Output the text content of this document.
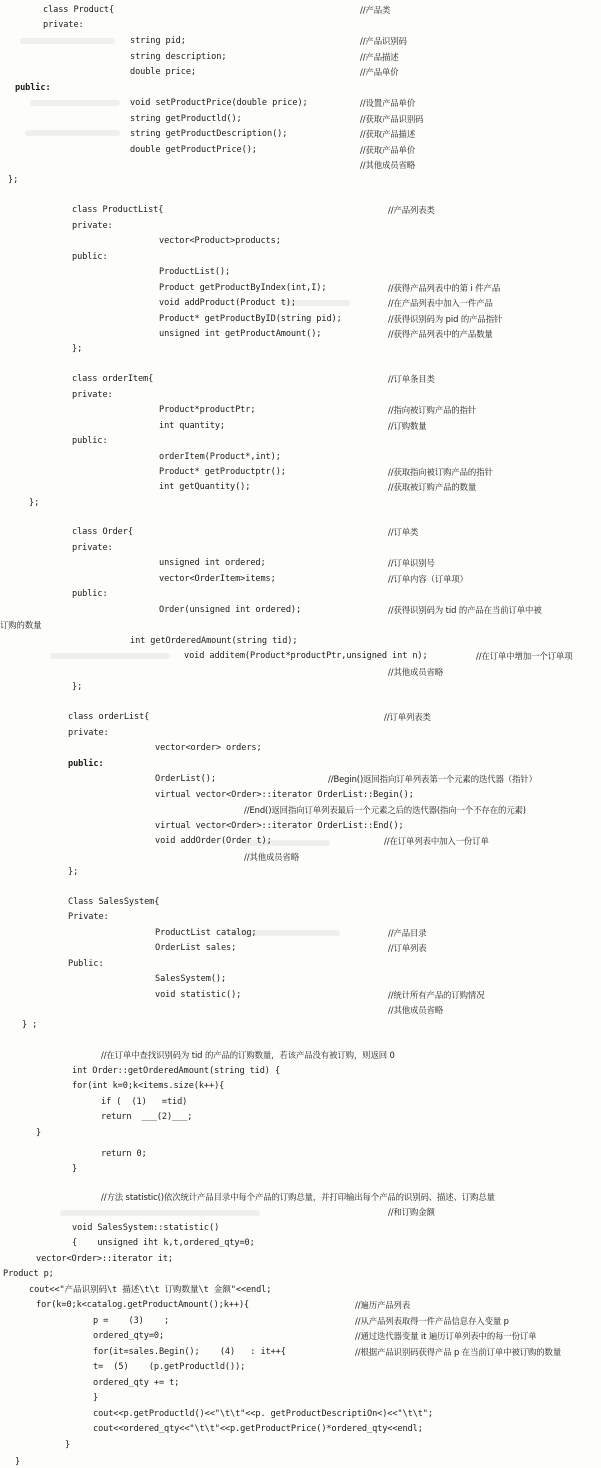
class Product{	//产品类
private:
string pid;	//产品识别码
string description;	//产品描述
double price;	//产品单价
public:
void setProductPrice(double price);	//设置产品单价
string getProductld();	//获取产品识别码
string getProductDescription();	//获取产品描述
double getProductPrice();	//获取产品单价
//其他成员省略
};
class ProductList{	//产品列表类
private:
vector<Product>products;
public:
ProductList();
Product getProductByIndex(int,I);	//获得产品列表中的第 i 件产品
void addProduct(Product t);	//在产品列表中加入一件产品
Product* getProductByID(string pid);	//获得识别码为 pid 的产品指针
unsigned int getProductAmount();	//获得产品列表中的产品数量
};
class orderItem{	//订单条目类
private:
Product*productPtr;	//指向被订购产品的指针
int quantity;	//订购数量
public:
orderItem(Product*,int);
Product* getProductptr();	//获取指向被订购产品的指针
int getQuantity();	//获取被订购产品的数量
};
class Order{	//订单类
private:
unsigned int ordered;	//订单识别号
vector<OrderItem>items;	//订单内容（订单项）
public:
Order(unsigned int ordered);	//获得识别码为 tid 的产品在当前订单中被
订购的数量
int getOrderedAmount(string tid);
void additem(Product*productPtr,unsigned int n);	//在订单中增加一个订单项
//其他成员省略
};
class orderList{	//订单列表类
private:
vector<order> orders;
public:
OrderList();	//Begin()返回指向订单列表第一个元素的迭代器（指针）
virtual vector<Order>::iterator OrderList::Begin();
//End()返回指向订单列表最后一个元素之后的迭代器(指向一个不存在的元素)
virtual vector<Order>::iterator OrderList::End();
void addOrder(Order t);	//在订单列表中加入一份订单
//其他成员省略
};
Class SalesSystem{
Private:
ProductList catalog;	//产品目录
OrderList sales;	//订单列表
Public:
SalesSystem();
void statistic();	//统计所有产品的订购情况
//其他成员省略
} ;
//在订单中查找识别码为 tid 的产品的订购数量，若该产品没有被订购，则返回 0
int Order::getOrderedAmount(string tid) {
for(int k=0;k<items.size(k++){
if (  (1)   =tid)
return  ___(2)___;
}
return 0;
}
//方法 statistic()依次统计产品目录中每个产品的订购总量，并打印输出每个产品的识别码、描述、订购总量
//和订购金额
void SalesSystem::statistic()
{    unsigned iht k,t,ordered_qty=0;
vector<Order>::iterator it;
Product p;
cout<<"产品识别码\t 描述\t\t 订购数量\t 金额"<<endl;
for(k=0;k<catalog.getProductAmount();k++){	//遍历产品列表
p =    (3)    ;	//从产品列表取得一件产品信息存入变量 p
ordered_qty=0;	//通过迭代器变量 it 遍历订单列表中的每一份订单
for(it=sales.Begin();    (4)   : it++{	//根据产品识别码获得产品 p 在当前订单中被订购的数量
t=  (5)    (p.getProductld());
ordered_qty += t;
}
cout<<p.getProductld()<<"\t\t"<<p. getProductDescriptiOn<)<<"\t\t";
cout<<ordered_qty<<"\t\t"<<p.getProductPrice()*ordered_qty<<endl;
}
}
